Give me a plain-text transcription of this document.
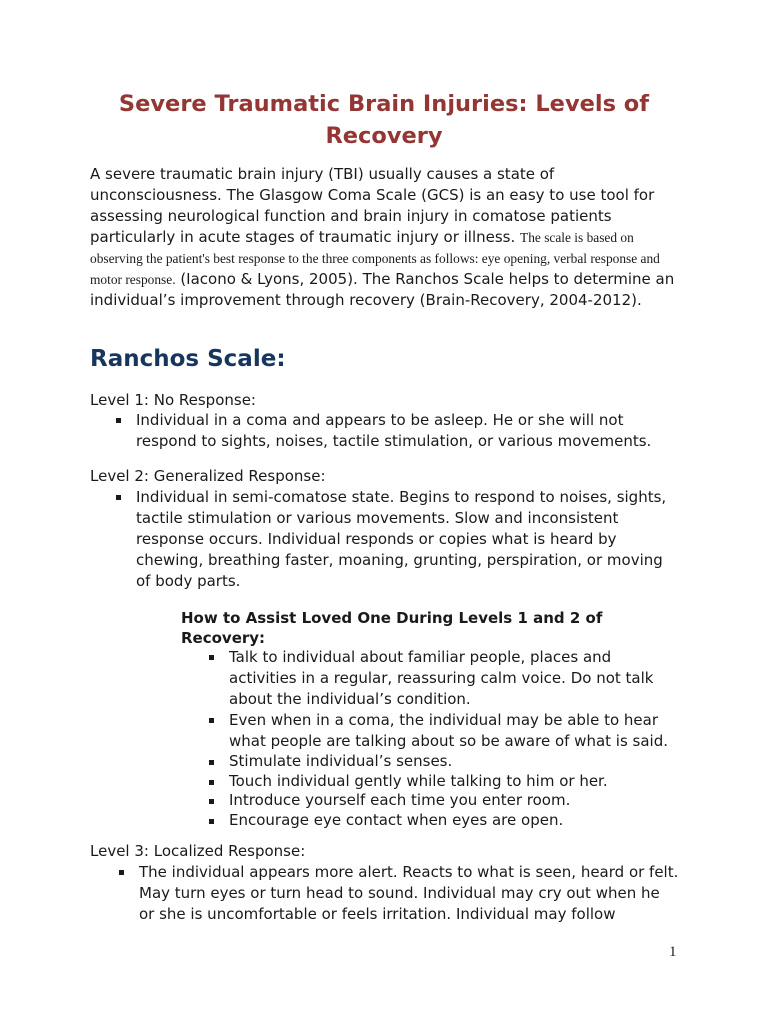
Severe Traumatic Brain Injuries: Levels of Recovery

A severe traumatic brain injury (TBI) usually causes a state of unconsciousness. The Glasgow Coma Scale (GCS) is an easy to use tool for assessing neurological function and brain injury in comatose patients particularly in acute stages of traumatic injury or illness. The scale is based on observing the patient's best response to the three components as follows: eye opening, verbal response and motor response. (Iacono & Lyons, 2005). The Ranchos Scale helps to determine an individual’s improvement through recovery (Brain-Recovery, 2004-2012).

Ranchos Scale:
Level 1: No Response:
Individual in a coma and appears to be asleep. He or she will not respond to sights, noises, tactile stimulation, or various movements.
Level 2: Generalized Response:
Individual in semi-comatose state. Begins to respond to noises, sights, tactile stimulation or various movements. Slow and inconsistent response occurs. Individual responds or copies what is heard by chewing, breathing faster, moaning, grunting, perspiration, or moving of body parts.
How to Assist Loved One During Levels 1 and 2 of Recovery:
Talk to individual about familiar people, places and activities in a regular, reassuring calm voice. Do not talk about the individual’s condition.
Even when in a coma, the individual may be able to hear what people are talking about so be aware of what is said.
Stimulate individual’s senses.
Touch individual gently while talking to him or her.
Introduce yourself each time you enter room.
Encourage eye contact when eyes are open.
Level 3: Localized Response:
The individual appears more alert. Reacts to what is seen, heard or felt. May turn eyes or turn head to sound. Individual may cry out when he or she is uncomfortable or feels irritation. Individual may follow
1
